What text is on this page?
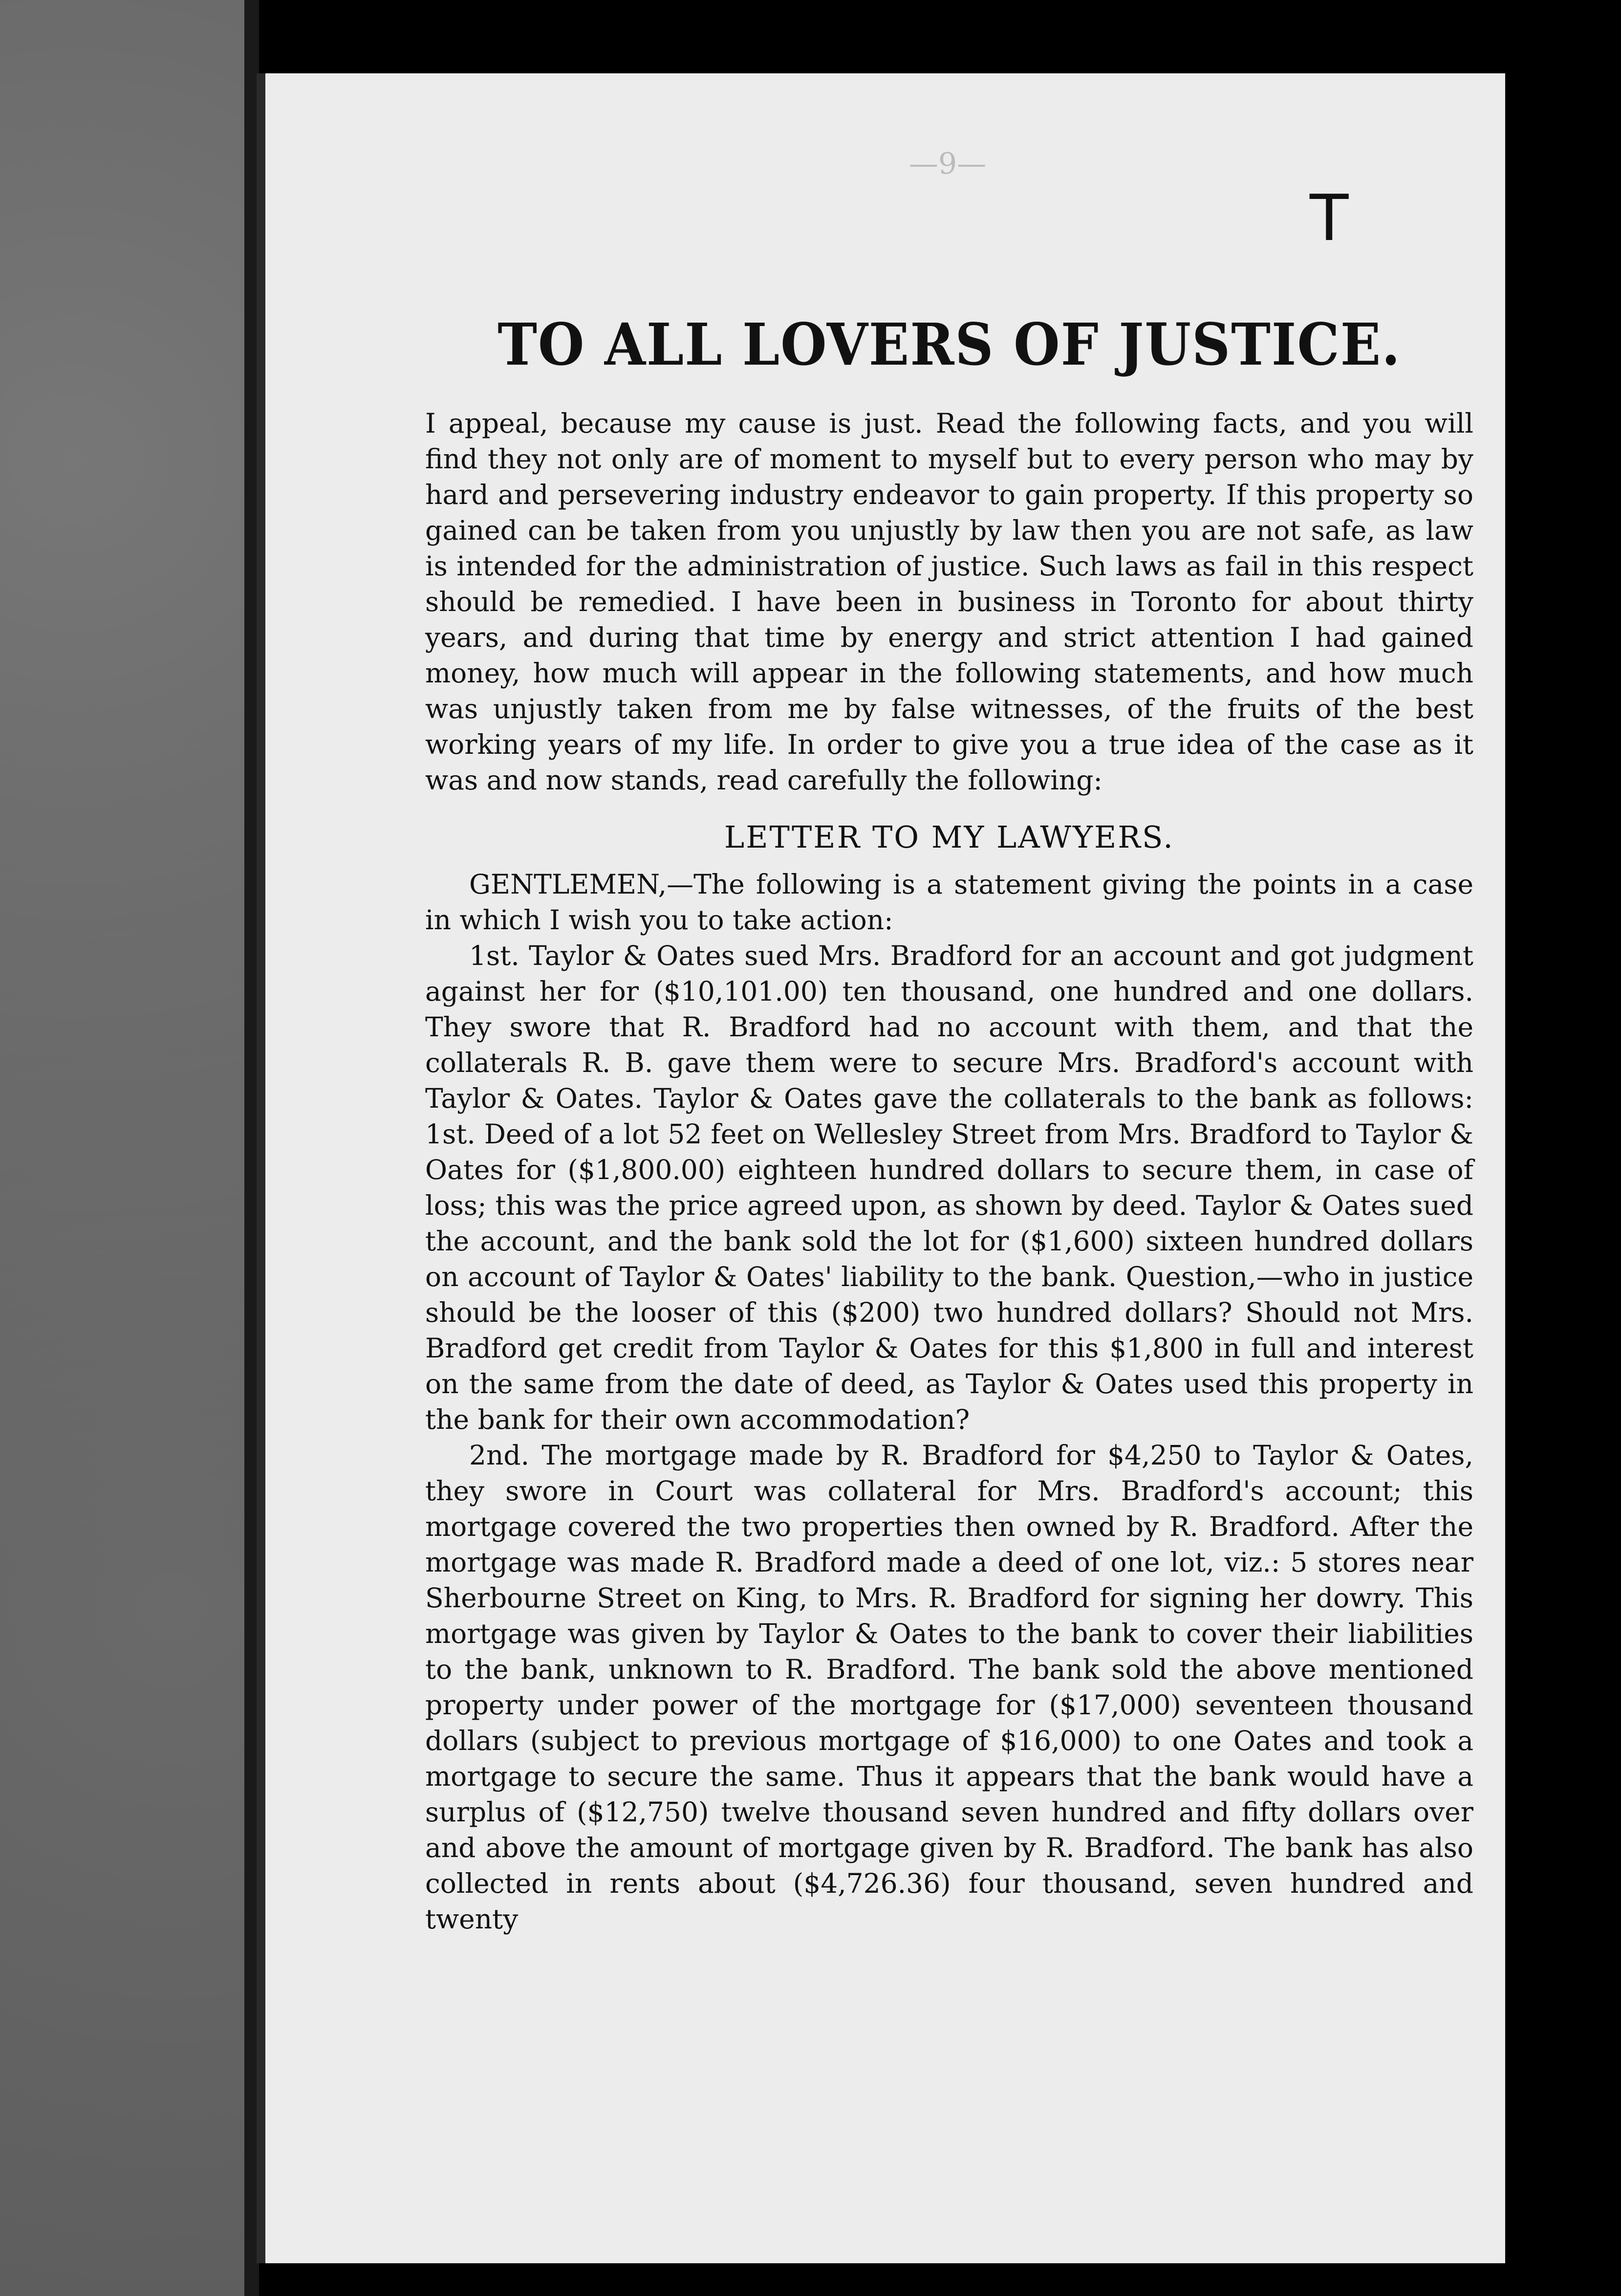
—9—
T
TO ALL LOVERS OF JUSTICE.

I appeal, because my cause is just. Read the following facts, and you will find they not only are of moment to myself but to every person who may by hard and persevering industry endeavor to gain property. If this property so gained can be taken from you unjustly by law then you are not safe, as law is intended for the administration of justice. Such laws as fail in this respect should be remedied. I have been in business in Toronto for about thirty years, and during that time by energy and strict attention I had gained money, how much will appear in the following statements, and how much was unjustly taken from me by false witnesses, of the fruits of the best working years of my life. In order to give you a true idea of the case as it was and now stands, read carefully the following:

LETTER TO MY LAWYERS.

GENTLEMEN,—The following is a statement giving the points in a case in which I wish you to take action:

1st. Taylor & Oates sued Mrs. Bradford for an account and got judgment against her for ($10,101.00) ten thousand, one hundred and one dollars. They swore that R. Bradford had no account with them, and that the collaterals R. B. gave them were to secure Mrs. Bradford's account with Taylor & Oates. Taylor & Oates gave the collaterals to the bank as follows: 1st. Deed of a lot 52 feet on Wellesley Street from Mrs. Bradford to Taylor & Oates for ($1,800.00) eighteen hundred dollars to secure them, in case of loss; this was the price agreed upon, as shown by deed. Taylor & Oates sued the account, and the bank sold the lot for ($1,600) sixteen hundred dollars on account of Taylor & Oates' liability to the bank. Question,—who in justice should be the looser of this ($200) two hundred dollars? Should not Mrs. Bradford get credit from Taylor & Oates for this $1,800 in full and interest on the same from the date of deed, as Taylor & Oates used this property in the bank for their own accommodation?

2nd. The mortgage made by R. Bradford for $4,250 to Taylor & Oates, they swore in Court was collateral for Mrs. Bradford's account; this mortgage covered the two properties then owned by R. Bradford. After the mortgage was made R. Bradford made a deed of one lot, viz.: 5 stores near Sherbourne Street on King, to Mrs. R. Bradford for signing her dowry. This mortgage was given by Taylor & Oates to the bank to cover their liabilities to the bank, unknown to R. Bradford. The bank sold the above mentioned property under power of the mortgage for ($17,000) seventeen thousand dollars (subject to previous mortgage of $16,000) to one Oates and took a mortgage to secure the same. Thus it appears that the bank would have a surplus of ($12,750) twelve thousand seven hundred and fifty dollars over and above the amount of mortgage given by R. Bradford. The bank has also collected in rents about ($4,726.36) four thousand, seven hundred and twenty
